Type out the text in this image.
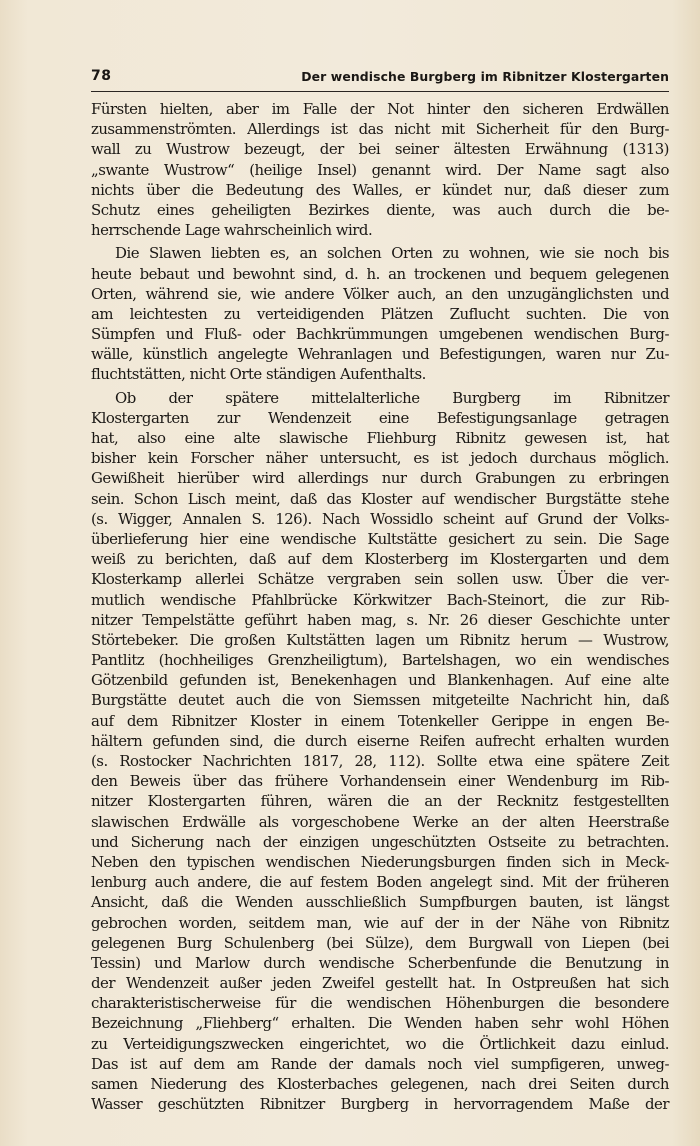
78	Der wendische Burgberg im Ribnitzer Klostergarten
Fürsten hielten, aber im Falle der Not hinter den sicheren Erdwällen
zusammenströmten. Allerdings ist das nicht mit Sicherheit für den Burg-
wall zu Wustrow bezeugt, der bei seiner ältesten Erwähnung (1313)
„swante Wustrow“ (heilige Insel) genannt wird. Der Name sagt also
nichts über die Bedeutung des Walles, er kündet nur, daß dieser zum
Schutz eines geheiligten Bezirkes diente, was auch durch die be-
herrschende Lage wahrscheinlich wird.
Die Slawen liebten es, an solchen Orten zu wohnen, wie sie noch bis
heute bebaut und bewohnt sind, d. h. an trockenen und bequem gelegenen
Orten, während sie, wie andere Völker auch, an den unzugänglichsten und
am leichtesten zu verteidigenden Plätzen Zuflucht suchten. Die von
Sümpfen und Fluß- oder Bachkrümmungen umgebenen wendischen Burg-
wälle, künstlich angelegte Wehranlagen und Befestigungen, waren nur Zu-
fluchtstätten, nicht Orte ständigen Aufenthalts.
Ob der spätere mittelalterliche Burgberg im Ribnitzer
Klostergarten zur Wendenzeit eine Befestigungsanlage getragen
hat, also eine alte slawische Fliehburg Ribnitz gewesen ist, hat
bisher kein Forscher näher untersucht, es ist jedoch durchaus möglich.
Gewißheit hierüber wird allerdings nur durch Grabungen zu erbringen
sein. Schon Lisch meint, daß das Kloster auf wendischer Burgstätte stehe
(s. Wigger, Annalen S. 126). Nach Wossidlo scheint auf Grund der Volks-
überlieferung hier eine wendische Kultstätte gesichert zu sein. Die Sage
weiß zu berichten, daß auf dem Klosterberg im Klostergarten und dem
Klosterkamp allerlei Schätze vergraben sein sollen usw. Über die ver-
mutlich wendische Pfahlbrücke Körkwitzer Bach-Steinort, die zur Rib-
nitzer Tempelstätte geführt haben mag, s. Nr. 26 dieser Geschichte unter
Störtebeker. Die großen Kultstätten lagen um Ribnitz herum — Wustrow,
Pantlitz (hochheiliges Grenzheiligtum), Bartelshagen, wo ein wendisches
Götzenbild gefunden ist, Benekenhagen und Blankenhagen. Auf eine alte
Burgstätte deutet auch die von Siemssen mitgeteilte Nachricht hin, daß
auf dem Ribnitzer Kloster in einem Totenkeller Gerippe in engen Be-
hältern gefunden sind, die durch eiserne Reifen aufrecht erhalten wurden
(s. Rostocker Nachrichten 1817, 28, 112). Sollte etwa eine spätere Zeit
den Beweis über das frühere Vorhandensein einer Wendenburg im Rib-
nitzer Klostergarten führen, wären die an der Recknitz festgestellten
slawischen Erdwälle als vorgeschobene Werke an der alten Heerstraße
und Sicherung nach der einzigen ungeschützten Ostseite zu betrachten.
Neben den typischen wendischen Niederungsburgen finden sich in Meck-
lenburg auch andere, die auf festem Boden angelegt sind. Mit der früheren
Ansicht, daß die Wenden ausschließlich Sumpfburgen bauten, ist längst
gebrochen worden, seitdem man, wie auf der in der Nähe von Ribnitz
gelegenen Burg Schulenberg (bei Sülze), dem Burgwall von Liepen (bei
Tessin) und Marlow durch wendische Scherbenfunde die Benutzung in
der Wendenzeit außer jeden Zweifel gestellt hat. In Ostpreußen hat sich
charakteristischerweise für die wendischen Höhenburgen die besondere
Bezeichnung „Fliehberg“ erhalten. Die Wenden haben sehr wohl Höhen
zu Verteidigungszwecken eingerichtet, wo die Örtlichkeit dazu einlud.
Das ist auf dem am Rande der damals noch viel sumpfigeren, unweg-
samen Niederung des Klosterbaches gelegenen, nach drei Seiten durch
Wasser geschützten Ribnitzer Burgberg in hervorragendem Maße der
